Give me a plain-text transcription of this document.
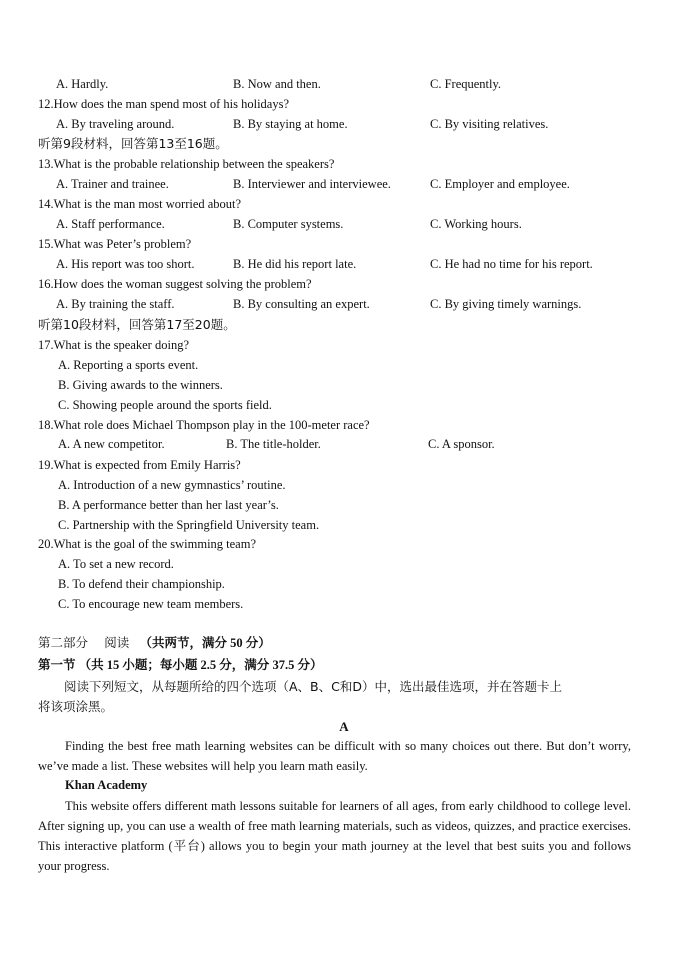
A. Hardly.	B. Now and then.	C. Frequently.
12.How does the man spend most of his holidays?
A. By traveling around.	B. By staying at home.	C. By visiting relatives.
听第9段材料，回答第13至16题。
13.What is the probable relationship between the speakers?
A. Trainer and trainee.	B. Interviewer and interviewee.	C. Employer and employee.
14.What is the man most worried about?
A. Staff performance.	B. Computer systems.	C. Working hours.
15.What was Peter’s problem?
A. His report was too short.	B. He did his report late.	C. He had no time for his report.
16.How does the woman suggest solving the problem?
A. By training the staff.	B. By consulting an expert.	C. By giving timely warnings.
听第10段材料，回答第17至20题。
17.What is the speaker doing?
A. Reporting a sports event.
B. Giving awards to the winners.
C. Showing people around the sports field.
18.What role does Michael Thompson play in the 100-meter race?
A. A new competitor.	B. The title-holder.	C. A sponsor.
19.What is expected from Emily Harris?
A. Introduction of a new gymnastics’ routine.
B. A performance better than her last year’s.
C. Partnership with the Springfield University team.
20.What is the goal of the swimming team?
A. To set a new record.
B. To defend their championship.
C. To encourage new team members.
第二部分 阅读 （共两节，满分 50 分）
第一节 （共 15 小题；每小题 2.5 分，满分 37.5 分）
阅读下列短文，从每题所给的四个选项（A、B、C和D）中，选出最佳选项，并在答题卡上
将该项涂黑。
A
Finding the best free math learning websites can be difficult with so many choices out there. But don’t worry, we’ve made a list. These websites will help you learn math easily.
Khan Academy
This website offers different math lessons suitable for learners of all ages, from early childhood to college level. After signing up, you can use a wealth of free math learning materials, such as videos, quizzes, and practice exercises. This interactive platform (平台) allows you to begin your math journey at the level that best suits you and follows your progress.
